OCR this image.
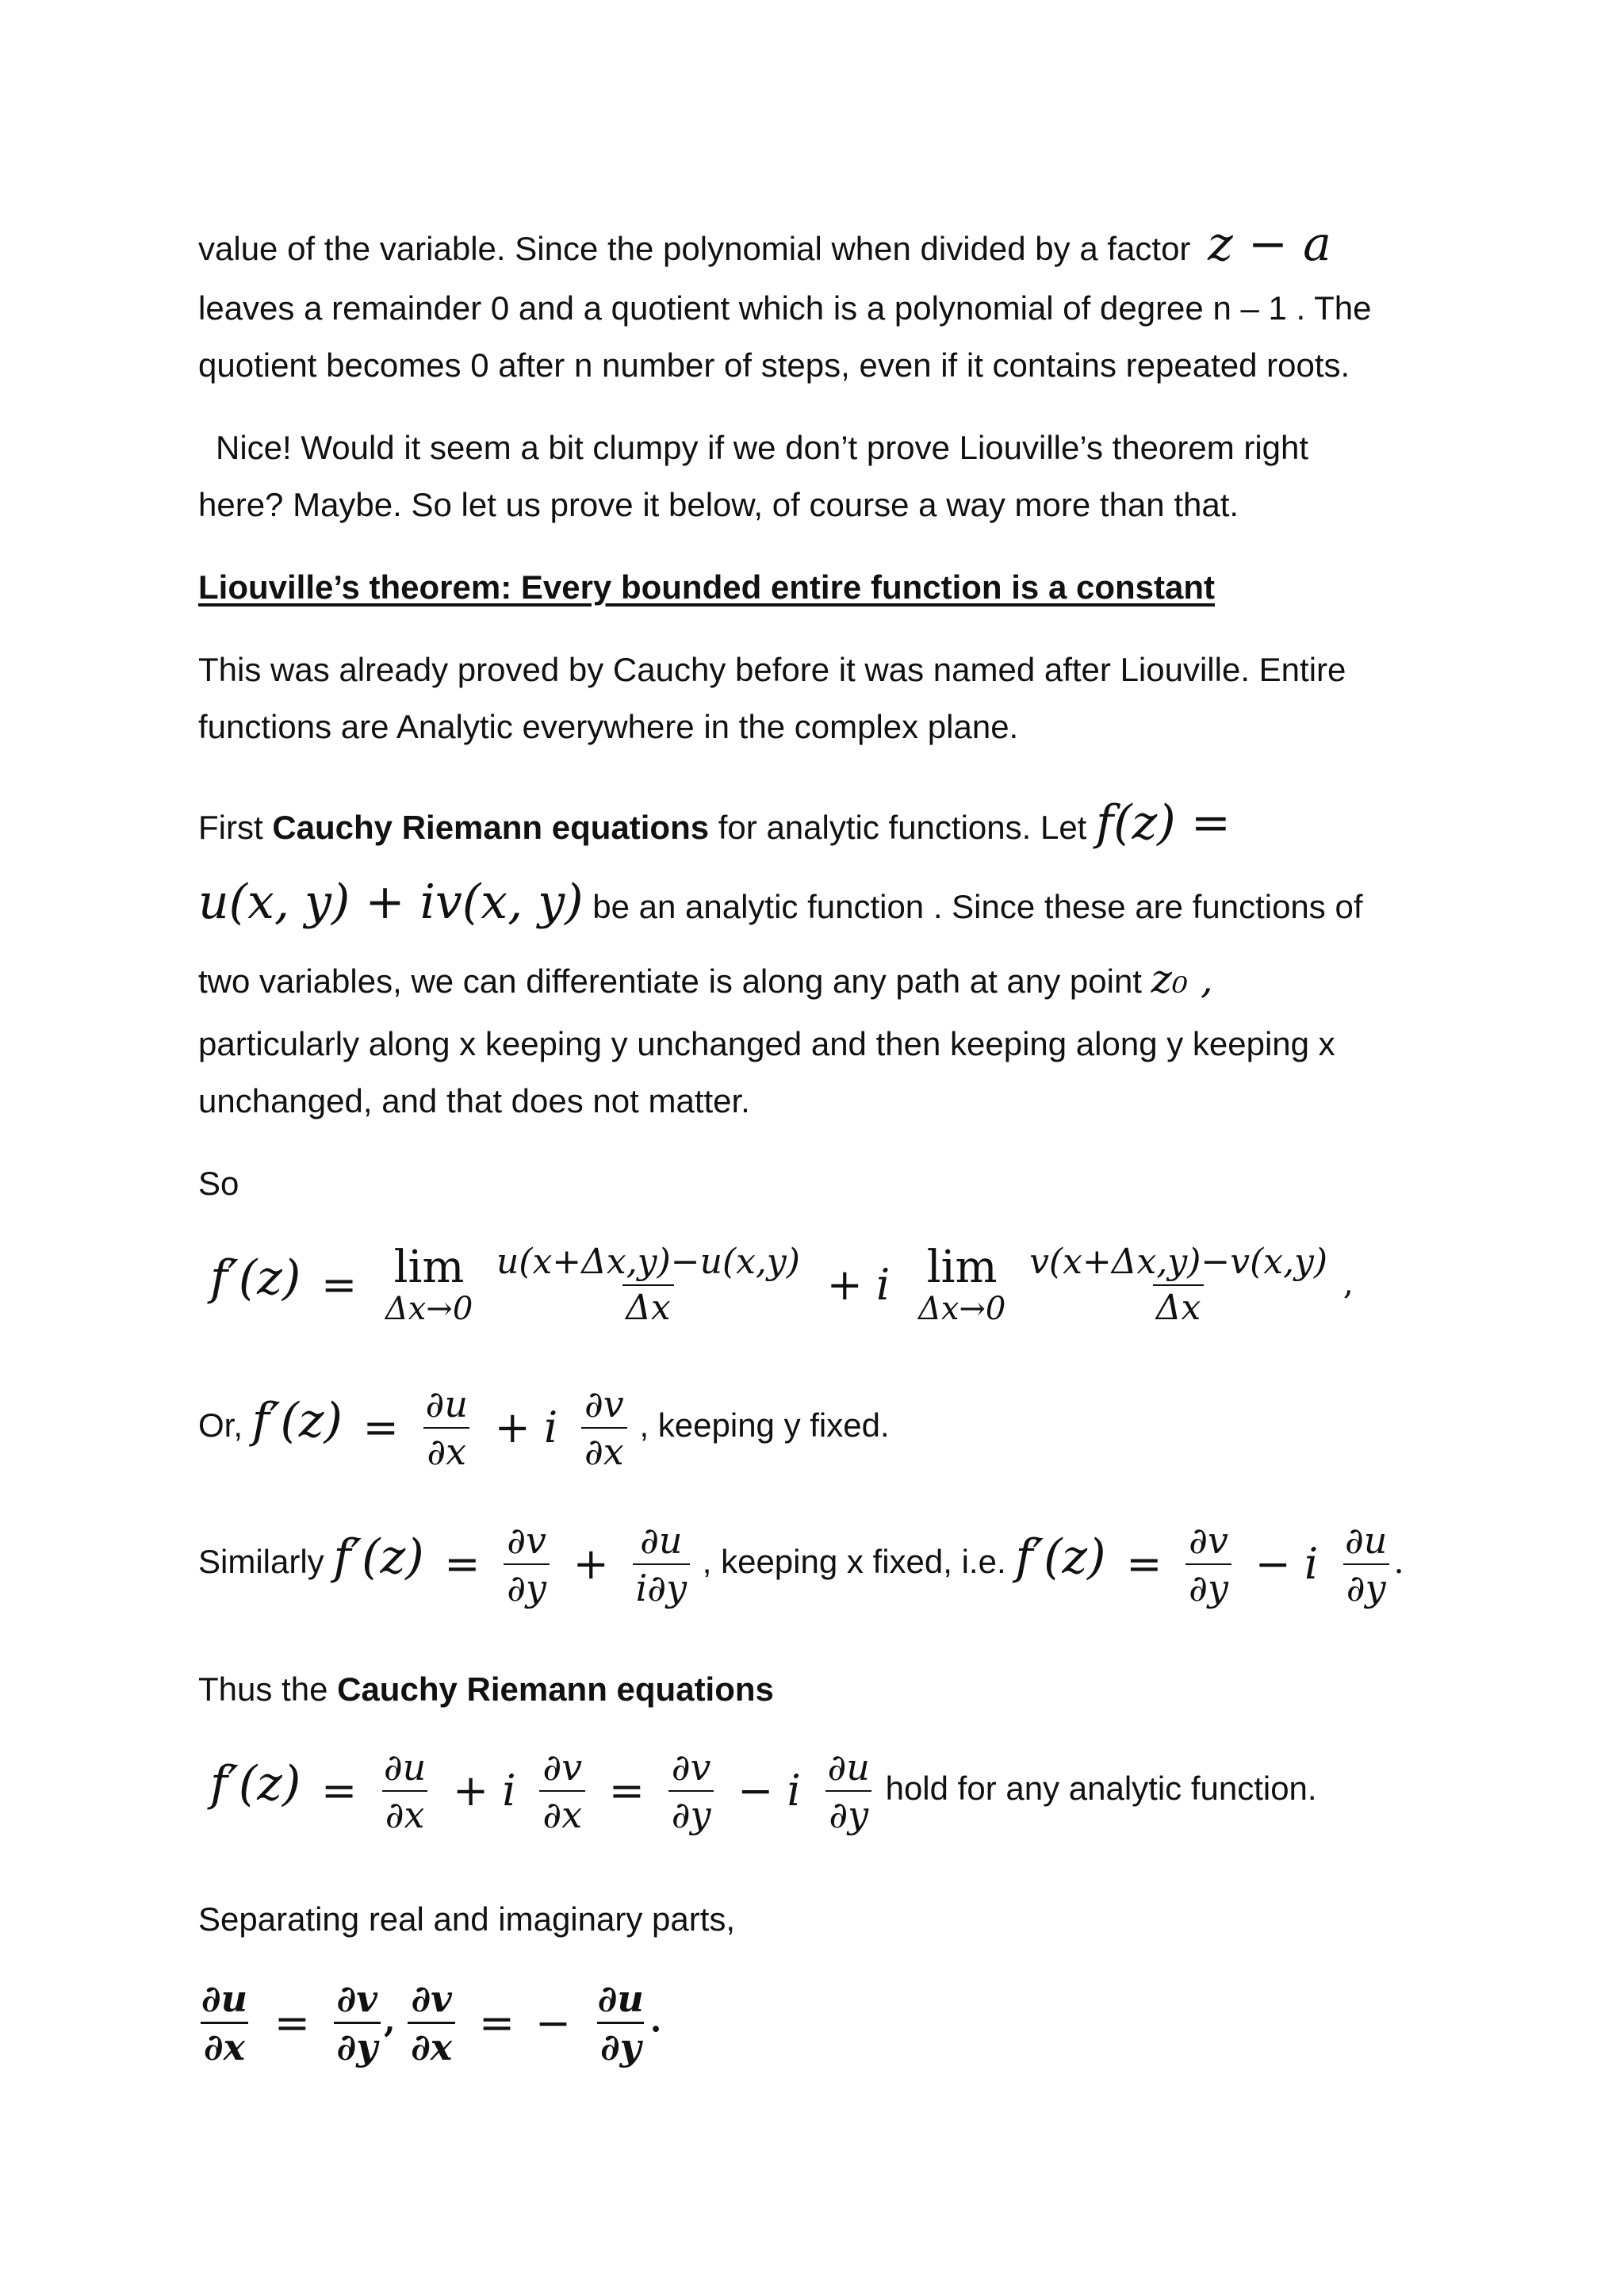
value of the variable. Since the polynomial when divided by a factor z − a
leaves a remainder 0 and a quotient which is a polynomial of degree n – 1 . The
quotient becomes 0 after n number of steps, even if it contains repeated roots.
Nice! Would it seem a bit clumpy if we don’t prove Liouville’s theorem right
here? Maybe. So let us prove it below, of course a way more than that.
Liouville’s theorem: Every bounded entire function is a constant
This was already proved by Cauchy before it was named after Liouville. Entire
functions are Analytic everywhere in the complex plane.
First Cauchy Riemann equations for analytic functions. Let f(z) =
u(x, y) + iv(x, y) be an analytic function . Since these are functions of
two variables, we can differentiate is along any path at any point z₀ ,
particularly along x keeping y unchanged and then keeping along y keeping x
unchanged, and that does not matter.
So
f′(z) = lim
Δx→0
$\frac{u(x+\Delta x,y)-u(x,y)}{\Delta x} + i$ lim
Δx→0
$\frac{v(x+\Delta x,y)-v(x,y)}{\Delta x}$ ,
Or, $f'(z) = \frac{\partial u}{\partial x} + i \frac{\partial v}{\partial x}$ , keeping y fixed.
Similarly $f'(z) = \frac{\partial v}{\partial y} + \frac{\partial u}{i\partial y}$ , keeping x fixed, i.e. $f'(z) = \frac{\partial v}{\partial y} - i \frac{\partial u}{\partial y}$ .
Thus the Cauchy Riemann equations
$f'(z) = \frac{\partial u}{\partial x} + i \frac{\partial v}{\partial x} = \frac{\partial v}{\partial y} - i \frac{\partial u}{\partial y}$ hold for any analytic function.
Separating real and imaginary parts,
$\frac{\partial u}{\partial x} = \frac{\partial v}{\partial y}$ , $\frac{\partial v}{\partial x}$ = − $\frac{\partial u}{\partial y}$ .
